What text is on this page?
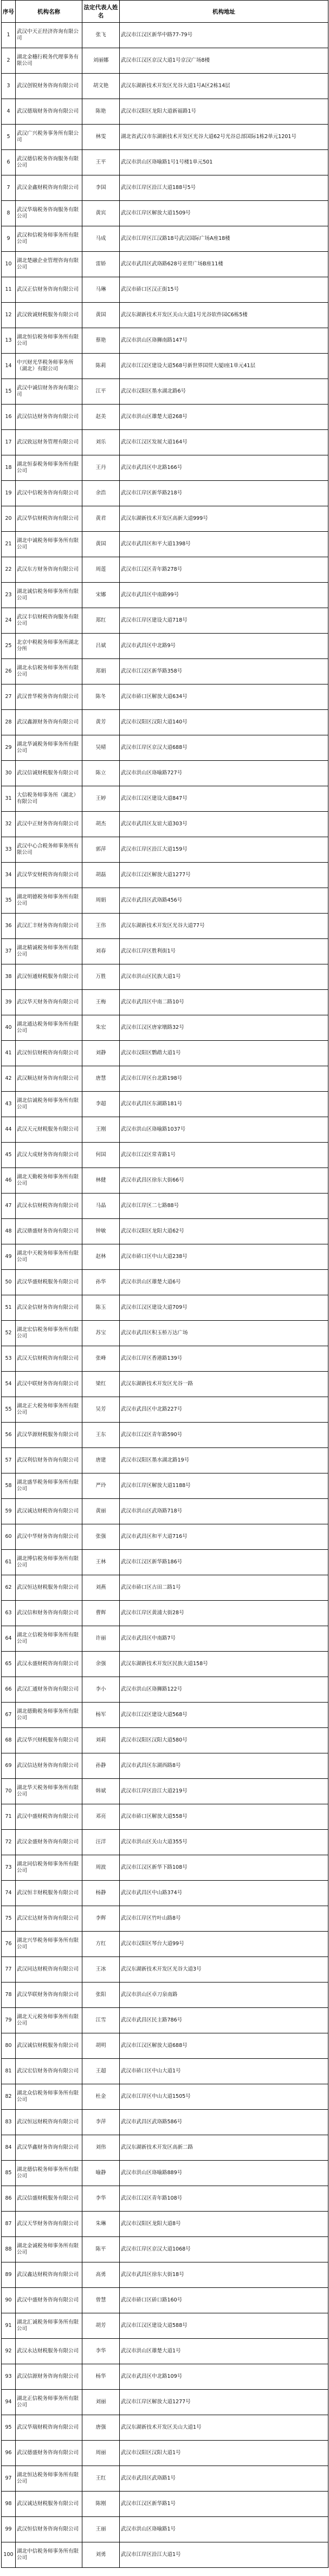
序号	机构名称	法定代表人姓名	机构地址
1	武汉中天正经济咨询有限公司	张飞	武汉市江汉区新华中路77-79号
2	湖北金穗行税务代理事务有限公司	刘丽娜	武汉市江汉区京汉大道1号京汉广场8楼
3	武汉创锐财务咨询有限公司	胡文艳	武汉东湖新技术开发区光谷大道1号A区2栋14层
4	武汉德瑞财务咨询有限公司	陈艳	武汉市汉阳区龙阳大道新福路1号
5	武汉广兴税务事务所有限公司	林雯	湖北省武汉市东湖新技术开发区光谷大道62号光谷总部国际1栋2单元1201号
6	武汉德信税务咨询服务有限公司	王平	武汉市洪山区珞喻路1号1号楼1单元501
7	武汉金鑫财税咨询有限公司	李国	武汉市江岸区沿江大道188号5号
8	武汉华瑞税务咨询服务有限公司	黄宾	武汉市江岸区解放大道1509号
9	武汉和信税务师事务所有限公司	马成	武汉市江岸区江汉路18号武汉国际广场A座18楼
10	湖北楚融企业管理咨询有限公司	雷娇	武汉市武昌区武珞路628号亚贸广场B座11楼
11	武汉正信财务咨询有限公司	马琳	武汉市硚口区汉正街15号
12	武汉致诚财税服务有限公司	黄国	武汉东湖新技术开发区关山大道1号光谷软件园C6栋5楼
13	湖北恒信税务师事务所有限公司	蔡艳	武汉市洪山区珞狮南路147号
14	中兴财光华税务师事务所（湖北）有限公司	陈莉	武汉市江汉区建设大道568号新世界国贸大厦I座1单元41层
15	武汉中诚信财务咨询有限公司	江平	武汉市汉阳区墨水湖北路6号
16	武汉信达财务咨询有限公司	赵美	武汉市洪山区雄楚大道268号
17	武汉致远财务管理有限公司	刘乐	武汉市江汉区发展大道164号
18	湖北恒泰税务师事务所有限公司	王丹	武汉市武昌区中北路166号
19	武汉中信税务咨询有限公司	余浩	武汉市江岸区新华路218号
20	武汉华信财税咨询有限公司	黄君	武汉东湖新技术开发区高新大道999号
21	湖北中诚税务师事务所有限公司	黄国	武汉市武昌区和平大道1398号
22	武汉东方财务咨询有限公司	周莲	武汉市江汉区青年路278号
23	湖北诚信税务师事务所有限公司	宋娜	武汉市武昌区中南路99号
24	武汉丰信财税咨询服务有限公司	郑红	武汉市江岸区建设大道718号
25	北京中税税务师事务所湖北分所	吕斌	武汉市武昌区中北路9号
26	湖北永信税务师事务所有限公司	郑娟	武汉市江汉区新华路358号
27	武汉普华税务咨询有限公司	陈冬	武汉市硚口区解放大道634号
28	武汉鑫源财务咨询有限公司	黄芳	武汉市汉阳区汉阳大道140号
29	湖北华诚税务师事务所有限公司	吴晴	武汉市江岸区京汉大道688号
30	武汉信诚财税服务有限公司	陈立	武汉市洪山区珞喻路727号
31	大信税务师事务所（湖北）有限公司	王婷	武汉市江汉区建设大道847号
32	武汉中正财务咨询有限公司	胡杰	武汉市武昌区友谊大道303号
33	武汉中心合税务师事务所有限公司	郭萍	武汉市江岸区沿江大道159号
34	武汉华安财税咨询有限公司	胡磊	武汉市江汉区解放大道1277号
35	湖北明德税务师事务所有限公司	周娟	武汉市武昌区武珞路456号
36	武汉汇丰财务咨询有限公司	王伟	武汉东湖新技术开发区光谷大道77号
37	湖北精诚税务师事务所有限公司	刘春	武汉市江岸区胜利街1号
38	武汉恒通财税服务有限公司	万胜	武汉市洪山区民族大道1号
39	武汉华天财务咨询有限公司	王梅	武汉市武昌区中南二路10号
40	湖北通达税务师事务所有限公司	朱宏	武汉市江汉区唐家墩路32号
41	武汉恒信财税咨询有限公司	刘静	武汉市汉阳区鹦鹉大道1号
42	武汉顺达财务咨询有限公司	唐慧	武汉市江岸区台北路198号
43	湖北信诚税务师事务所有限公司	李超	武汉市武昌区东湖路181号
44	武汉天元财税服务有限公司	王刚	武汉市洪山区珞喻路1037号
45	武汉大成财务咨询有限公司	何国	武汉市江汉区常青路1号
46	湖北天勤税务师事务所有限公司	林健	武汉市武昌区徐东大街66号
47	武汉永信财税咨询有限公司	马晶	武汉市江岸区二七路88号
48	武汉鼎盛财务咨询有限公司	钟敏	武汉市汉阳区龙阳大道62号
49	湖北中天税务师事务所有限公司	赵林	武汉市硚口区中山大道238号
50	武汉华盛财税服务有限公司	孙华	武汉市洪山区雄楚大道6号
51	武汉金信财务咨询有限公司	陈玉	武汉市江汉区建设大道709号
52	湖北宏信税务师事务所有限公司	苏宝	武汉市武昌区积玉桥万达广场
53	武汉天信财税咨询有限公司	张峰	武汉市江岸区香港路139号
54	武汉中联财务咨询有限公司	梁红	武汉东湖新技术开发区光谷一路
55	湖北正大税务师事务所有限公司	吴芳	武汉市武昌区中北路227号
56	武汉华源财税服务有限公司	王东	武汉市江汉区青年路590号
57	武汉利信财务咨询有限公司	唐建	武汉市汉阳区墨水湖北路19号
58	湖北盛华税务师事务所有限公司	严玲	武汉市江岸区解放大道1188号
59	武汉诚达财税咨询有限公司	黄丽	武汉市洪山区武珞路718号
60	武汉中华财务咨询有限公司	张强	武汉市武昌区和平大道716号
61	湖北博信税务师事务所有限公司	王林	武汉市江汉区新华路186号
62	武汉恒达财税服务有限公司	刘燕	武汉市硚口区古田二路1号
63	武汉信和财务咨询有限公司	曹辉	武汉市江岸区黄浦大街28号
64	湖北立信税务师事务所有限公司	许丽	武汉市武昌区中南路7号
65	武汉永盛财税咨询有限公司	余强	武汉东湖新技术开发区民族大道158号
66	武汉汇通财务咨询有限公司	李小	武汉市洪山区珞狮路122号
67	湖北德勤税务师事务所有限公司	杨军	武汉市江汉区建设大道568号
68	武汉华兴财税服务有限公司	刘莉	武汉市汉阳区汉阳大道580号
69	武汉信达财务咨询有限公司	孙静	武汉市武昌区东湖西路8号
70	湖北华天税务师事务所有限公司	韩斌	武汉市江岸区沿江大道219号
71	武汉中盛财税咨询有限公司	邓亮	武汉市硚口区解放大道558号
72	武汉金盛财务咨询有限公司	汪洋	武汉市洪山区关山大道355号
73	湖北同信税务师事务所有限公司	周波	武汉市江汉区新华下路108号
74	武汉恒丰财税服务有限公司	杨静	武汉市武昌区中山路374号
75	武汉宏达财务咨询有限公司	李辉	武汉市江岸区竹叶山路8号
76	湖北兴华税务师事务所有限公司	方红	武汉市汉阳区琴台大道99号
77	武汉同达财税咨询有限公司	王冰	武汉东湖新技术开发区光谷大道3号
78	武汉华联财务咨询有限公司	张阳	武汉市洪山区卓刀泉南路
79	湖北天元税务师事务所有限公司	江雪	武汉市武昌区民主路786号
80	武汉诚信财税服务有限公司	胡明	武汉市江汉区解放大道688号
81	武汉宏信财务咨询有限公司	王超	武汉市硚口区中山大道1号
82	湖北众信税务师事务所有限公司	杜金	武汉市江岸区中山大道1505号
83	武汉恒远财税咨询有限公司	李萍	武汉市武昌区武珞路586号
84	武汉华鑫财务咨询有限公司	刘伟	武汉东湖新技术开发区高新二路
85	湖北德信税务师事务所有限公司	喻静	武汉市洪山区珞喻路889号
86	武汉信盛财税服务有限公司	李华	武汉市江汉区青年路108号
87	武汉天华财务咨询有限公司	朱琳	武汉市汉阳区龙阳大道8号
88	湖北金诚税务师事务所有限公司	陈平	武汉市江岸区京汉大道1068号
89	武汉鑫达财税咨询有限公司	高勇	武汉市武昌区徐东大街18号
90	武汉中盛财务咨询有限公司	曾慧	武汉市硚口区硚口路160号
91	湖北汇诚税务师事务所有限公司	胡芳	武汉市江汉区建设大道588号
92	武汉永达财税服务有限公司	李华	武汉市洪山区雄楚大道1号
93	武汉信源财务咨询有限公司	杨华	武汉市武昌区中北路109号
94	湖北正信税务师事务所有限公司	刘丽	武汉市江岸区解放大道1277号
95	武汉华瑞财税咨询有限公司	唐强	武汉东湖新技术开发区关山大道1号
96	武汉德盛财务咨询有限公司	周丽	武汉市汉阳区汉阳大道1号
97	湖北恒达税务师事务所有限公司	王红	武汉市武昌区武珞路1号
98	武汉诚达财税服务有限公司	陈刚	武汉市江汉区新华路1号
99	武汉恒信财务咨询有限公司	王丽	武汉市洪山区珞喻路1号
100	湖北中信税务师事务所有限公司	刘勇	武汉市江岸区沿江大道1号
